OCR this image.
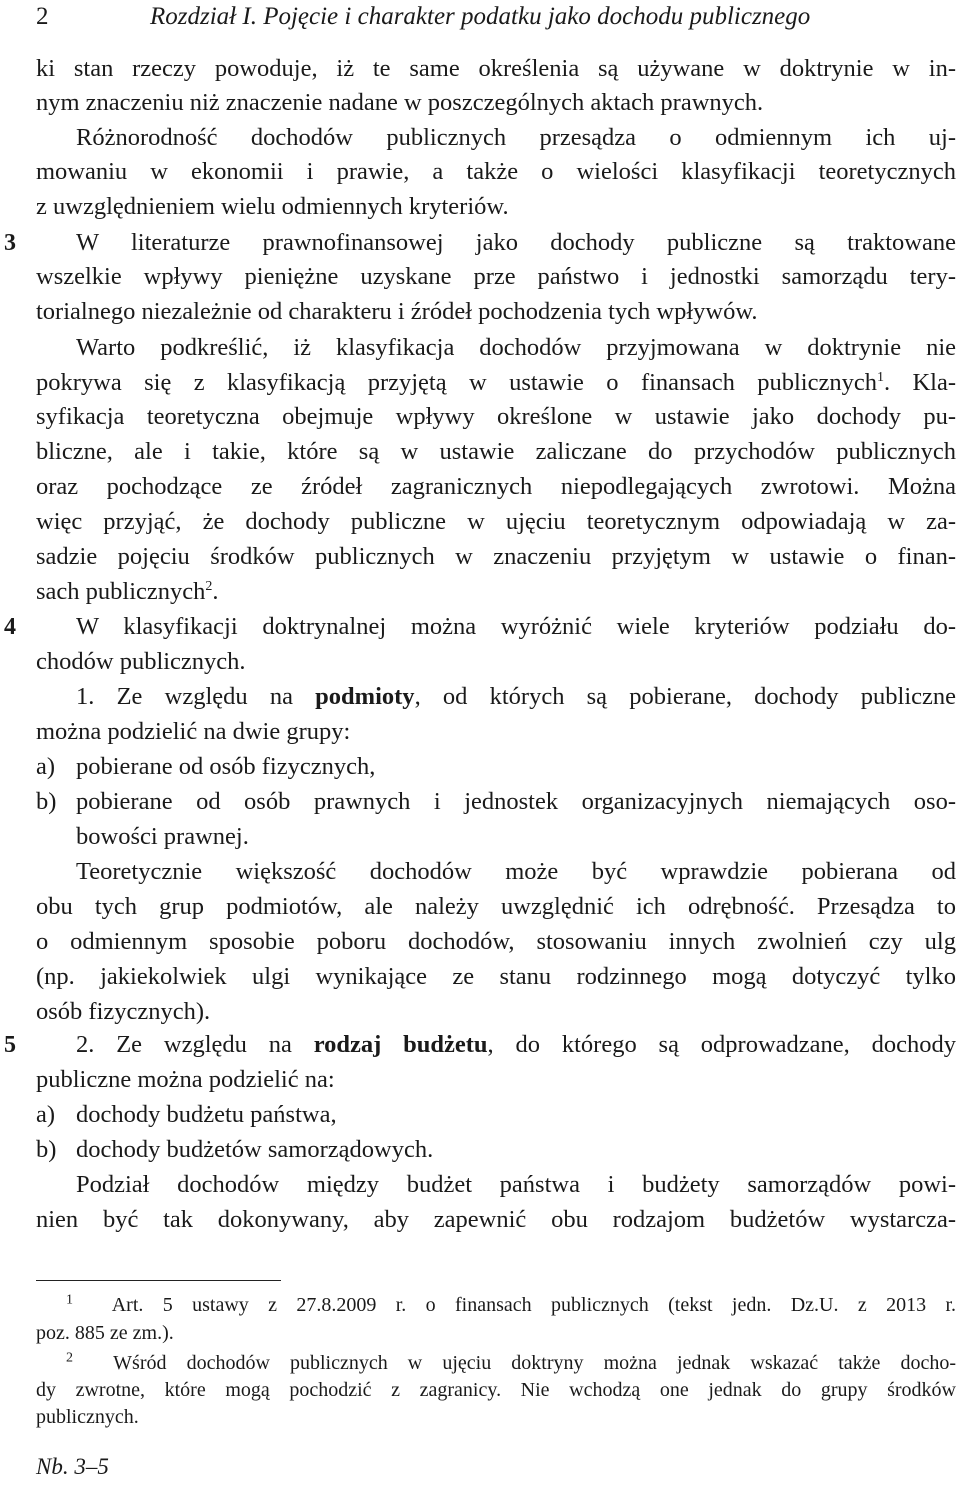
2	Rozdział I. Pojęcie i charakter podatku jako dochodu publicznego
3
4
5
ki stan rzeczy powoduje, iż te same określenia są używane w doktrynie w in-
nym znaczeniu niż znaczenie nadane w poszczególnych aktach prawnych.
Różnorodność dochodów publicznych przesądza o odmiennym ich uj-
mowaniu w ekonomii i prawie, a także o wielości klasyfikacji teoretycznych
z uwzględnieniem wielu odmiennych kryteriów.
W literaturze prawnofinansowej jako dochody publiczne są traktowane
wszelkie wpływy pieniężne uzyskane prze państwo i jednostki samorządu tery-
torialnego niezależnie od charakteru i źródeł pochodzenia tych wpływów.
Warto podkreślić, iż klasyfikacja dochodów przyjmowana w doktrynie nie
pokrywa się z klasyfikacją przyjętą w ustawie o finansach publicznych$^1$. Kla-
syfikacja teoretyczna obejmuje wpływy określone w ustawie jako dochody pu-
bliczne, ale i takie, które są w ustawie zaliczane do przychodów publicznych
oraz pochodzące ze źródeł zagranicznych niepodlegających zwrotowi. Można
więc przyjąć, że dochody publiczne w ujęciu teoretycznym odpowiadają w za-
sadzie pojęciu środków publicznych w znaczeniu przyjętym w ustawie o finan-
sach publicznych$^2$.
W klasyfikacji doktrynalnej można wyróżnić wiele kryteriów podziału do-
chodów publicznych.
1. Ze względu na podmioty, od których są pobierane, dochody publiczne
można podzielić na dwie grupy:
a) pobierane od osób fizycznych,
b) pobierane od osób prawnych i jednostek organizacyjnych niemających oso-
bowości prawnej.
Teoretycznie większość dochodów może być wprawdzie pobierana od
obu tych grup podmiotów, ale należy uwzględnić ich odrębność. Przesądza to
o odmiennym sposobie poboru dochodów, stosowaniu innych zwolnień czy ulg
(np. jakiekolwiek ulgi wynikające ze stanu rodzinnego mogą dotyczyć tylko
osób fizycznych).
2. Ze względu na rodzaj budżetu, do którego są odprowadzane, dochody
publiczne można podzielić na:
a) dochody budżetu państwa,
b) dochody budżetów samorządowych.
Podział dochodów między budżet państwa i budżety samorządów powi-
nien być tak dokonywany, aby zapewnić obu rodzajom budżetów wystarcza-
$^1$ Art. 5 ustawy z 27.8.2009 r. o finansach publicznych (tekst jedn. Dz.U. z 2013 r.
poz. 885 ze zm.).
$^2$ Wśród dochodów publicznych w ujęciu doktryny można jednak wskazać także docho-
dy zwrotne, które mogą pochodzić z zagranicy. Nie wchodzą one jednak do grupy środków
publicznych.
Nb. 3–5
